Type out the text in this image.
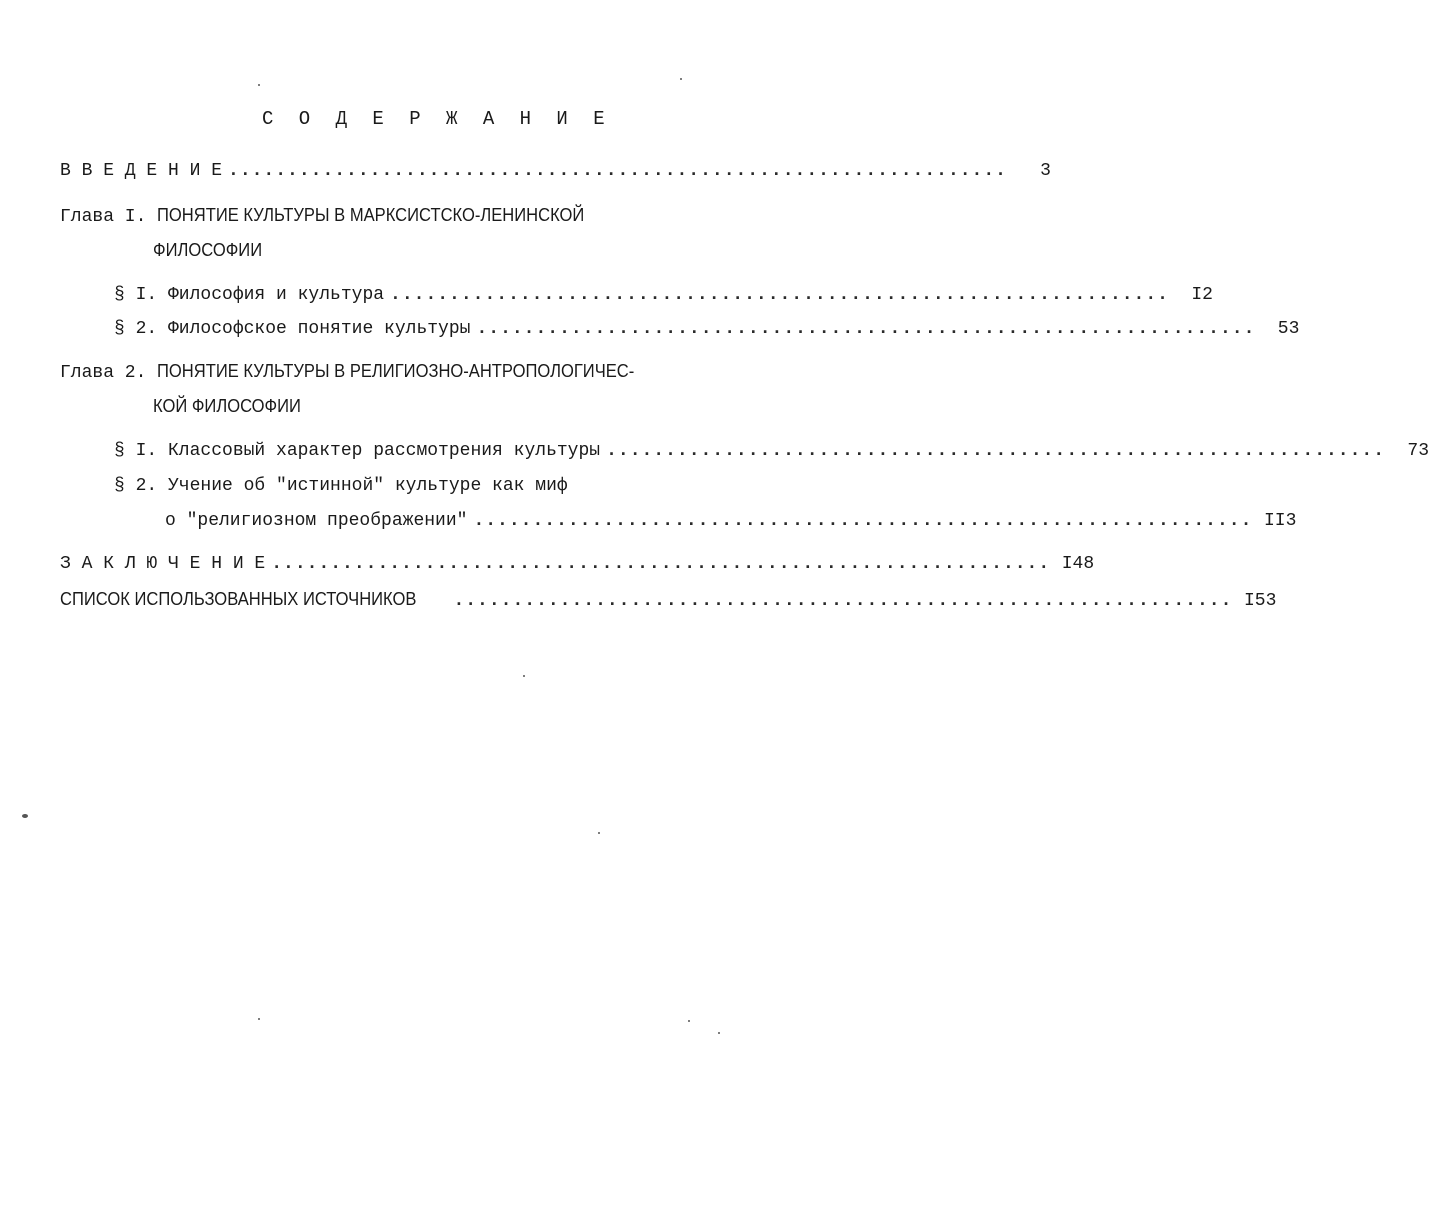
С О Д Е Р Ж А Н И Е
В В Е Д Е Н И Е ..................................................................	3
Глава I. ПОНЯТИЕ КУЛЬТУРЫ В МАРКСИСТСКО-ЛЕНИНСКОЙ
ФИЛОСОФИИ
§ I. Философия и культура ..................................................................	I2
§ 2. Философское понятие культуры ..................................................................	53
Глава 2. ПОНЯТИЕ КУЛЬТУРЫ В РЕЛИГИОЗНО-АНТРОПОЛОГИЧЕС-
КОЙ ФИЛОСОФИИ
§ I. Классовый характер рассмотрения культуры ..................................................................	73
§ 2. Учение об "истинной" культуре как миф
о "религиозном преображении" .................................................................. II3
З А К Л Ю Ч Е Н И Е .................................................................. I48
СПИСОК ИСПОЛЬЗОВАННЫХ ИСТОЧНИКОВ .................................................................. I53
